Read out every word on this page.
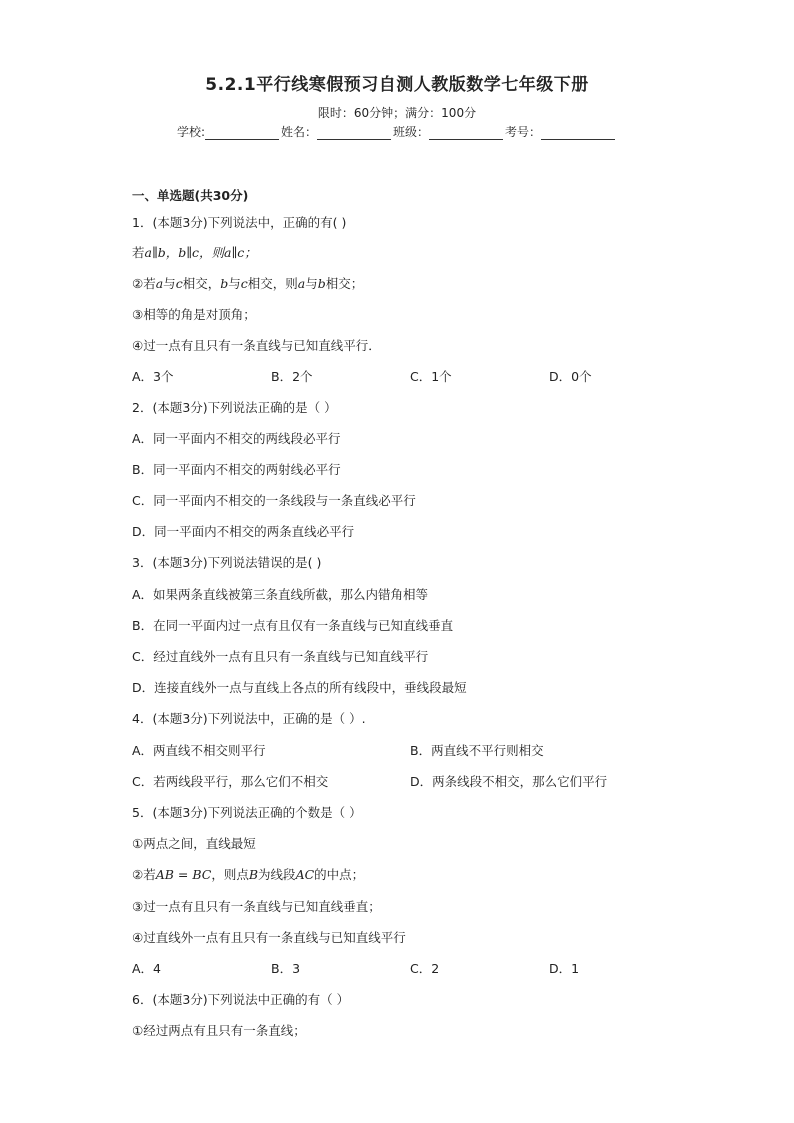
5.2.1平行线寒假预习自测人教版数学七年级下册
限时：60分钟；满分：100分
学校:	姓名：	班级：	考号：
一、单选题(共30分)
1．(本题3分)下列说法中，正确的有( )
若a∥b，b∥c，则a∥c；
②若a与c相交，b与c相交，则a与b相交；
③相等的角是对顶角；
④过一点有且只有一条直线与已知直线平行．
A．3个	B．2个	C．1个	D．0个
2．(本题3分)下列说法正确的是（ ）
A．同一平面内不相交的两线段必平行
B．同一平面内不相交的两射线必平行
C．同一平面内不相交的一条线段与一条直线必平行
D．同一平面内不相交的两条直线必平行
3．(本题3分)下列说法错误的是( )
A．如果两条直线被第三条直线所截，那么内错角相等
B．在同一平面内过一点有且仅有一条直线与已知直线垂直
C．经过直线外一点有且只有一条直线与已知直线平行
D．连接直线外一点与直线上各点的所有线段中，垂线段最短
4．(本题3分)下列说法中，正确的是（ ）.
A．两直线不相交则平行	B．两直线不平行则相交
C．若两线段平行，那么它们不相交	D．两条线段不相交，那么它们平行
5．(本题3分)下列说法正确的个数是（ ）
①两点之间，直线最短
②若AB = BC，则点B为线段AC的中点；
③过一点有且只有一条直线与已知直线垂直；
④过直线外一点有且只有一条直线与已知直线平行
A．4	B．3	C．2	D．1
6．(本题3分)下列说法中正确的有（ ）
①经过两点有且只有一条直线；
